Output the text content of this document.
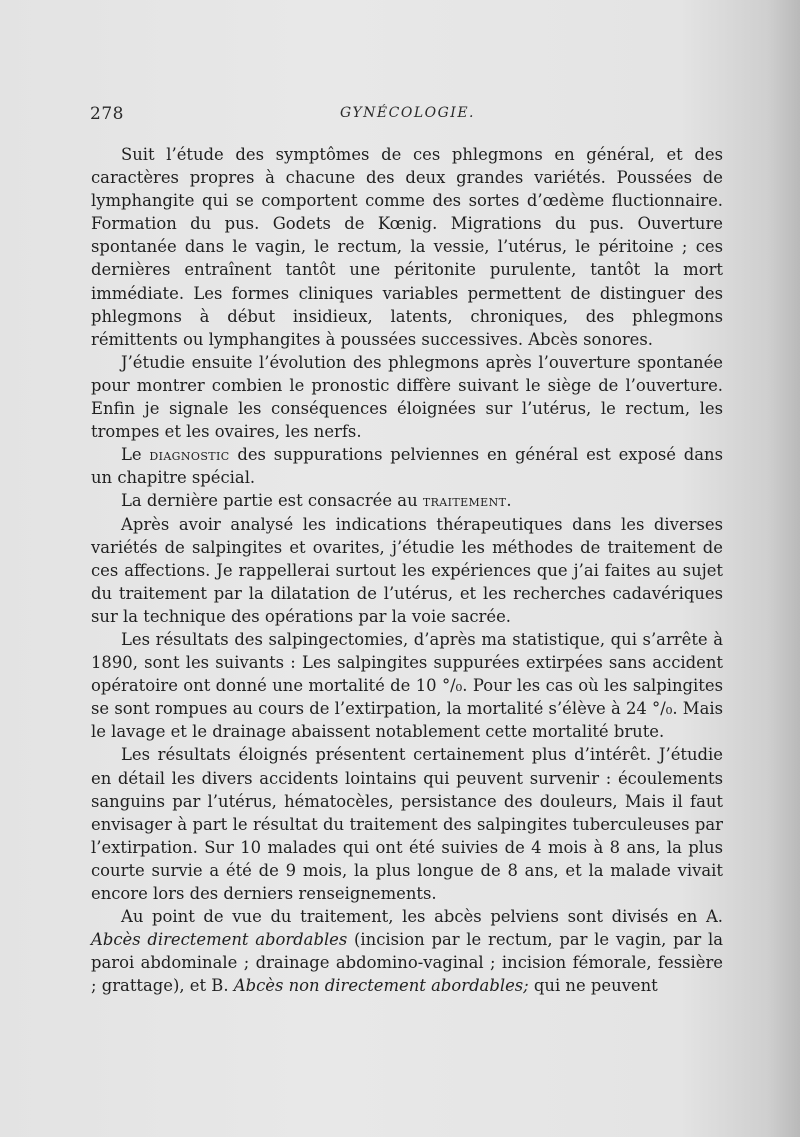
278	GYNÉCOLOGIE.

Suit l’étude des symptômes de ces phlegmons en général, et des caractères propres à chacune des deux grandes variétés. Poussées de lymphangite qui se comportent comme des sortes d’œdème fluctionnaire. Formation du pus. Godets de Kœnig. Migrations du pus. Ouverture spontanée dans le vagin, le rectum, la vessie, l’utérus, le péritoine ; ces dernières entraînent tantôt une péritonite purulente, tantôt la mort immédiate. Les formes cliniques variables permettent de distinguer des phlegmons à début insidieux, latents, chroniques, des phlegmons rémittents ou lymphangites à poussées successives. Abcès sonores.

J’étudie ensuite l’évolution des phlegmons après l’ouverture spontanée pour montrer combien le pronostic diffère suivant le siège de l’ouverture. Enfin je signale les conséquences éloignées sur l’utérus, le rectum, les trompes et les ovaires, les nerfs.

Le diagnostic des suppurations pelviennes en général est exposé dans un chapitre spécial.

La dernière partie est consacrée au traitement.

Après avoir analysé les indications thérapeutiques dans les diverses variétés de salpingites et ovarites, j’étudie les méthodes de traitement de ces affections. Je rappellerai surtout les expériences que j’ai faites au sujet du traitement par la dilatation de l’utérus, et les recherches cadavériques sur la technique des opérations par la voie sacrée.

Les résultats des salpingectomies, d’après ma statistique, qui s’arrête à 1890, sont les suivants : Les salpingites suppurées extirpées sans accident opératoire ont donné une mortalité de 10 °/₀. Pour les cas où les salpingites se sont rompues au cours de l’extirpation, la mortalité s’élève à 24 °/₀. Mais le lavage et le drainage abaissent notablement cette mortalité brute.

Les résultats éloignés présentent certainement plus d’intérêt. J’étudie en détail les divers accidents lointains qui peuvent survenir : écoulements sanguins par l’utérus, hématocèles, persistance des douleurs, Mais il faut envisager à part le résultat du traitement des salpingites tuberculeuses par l’extirpation. Sur 10 malades qui ont été suivies de 4 mois à 8 ans, la plus courte survie a été de 9 mois, la plus longue de 8 ans, et la malade vivait encore lors des derniers renseignements.

Au point de vue du traitement, les abcès pelviens sont divisés en A. Abcès directement abordables (incision par le rectum, par le vagin, par la paroi abdominale ; drainage abdomino-vaginal ; incision fémorale, fessière ; grattage), et B. Abcès non directement abordables; qui ne peuvent
